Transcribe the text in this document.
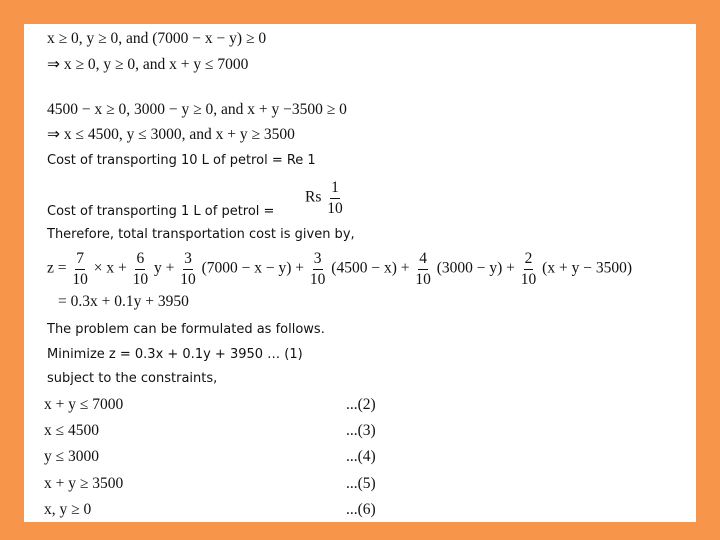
x ≥ 0, y ≥ 0, and (7000 − x − y) ≥ 0
⇒ x ≥ 0, y ≥ 0, and x + y ≤ 7000
4500 − x ≥ 0, 3000 − y ≥ 0, and x + y −3500 ≥ 0
⇒ x ≤ 4500, y ≤ 3000, and x + y ≥ 3500
Cost of transporting 10 L of petrol = Re 1
Rs $\frac{1}{10}$
Cost of transporting 1 L of petrol =
Therefore, total transportation cost is given by,
$z = \frac{7}{10} \times x + \frac{6}{10}$ $y + \frac{3}{10} (7000 - x - y) + \frac{3}{10} (4500 - x) + \frac{4}{10} (3000 - y) + \frac{2}{10} (x + y - 3500)$
= 0.3x + 0.1y + 3950
The problem can be formulated as follows.
Minimize z = 0.3x + 0.1y + 3950 … (1)
subject to the constraints,
x + y ≤ 7000	...(2)
x ≤ 4500	...(3)
y ≤ 3000	...(4)
x + y ≥ 3500	...(5)
x, y ≥ 0	...(6)
